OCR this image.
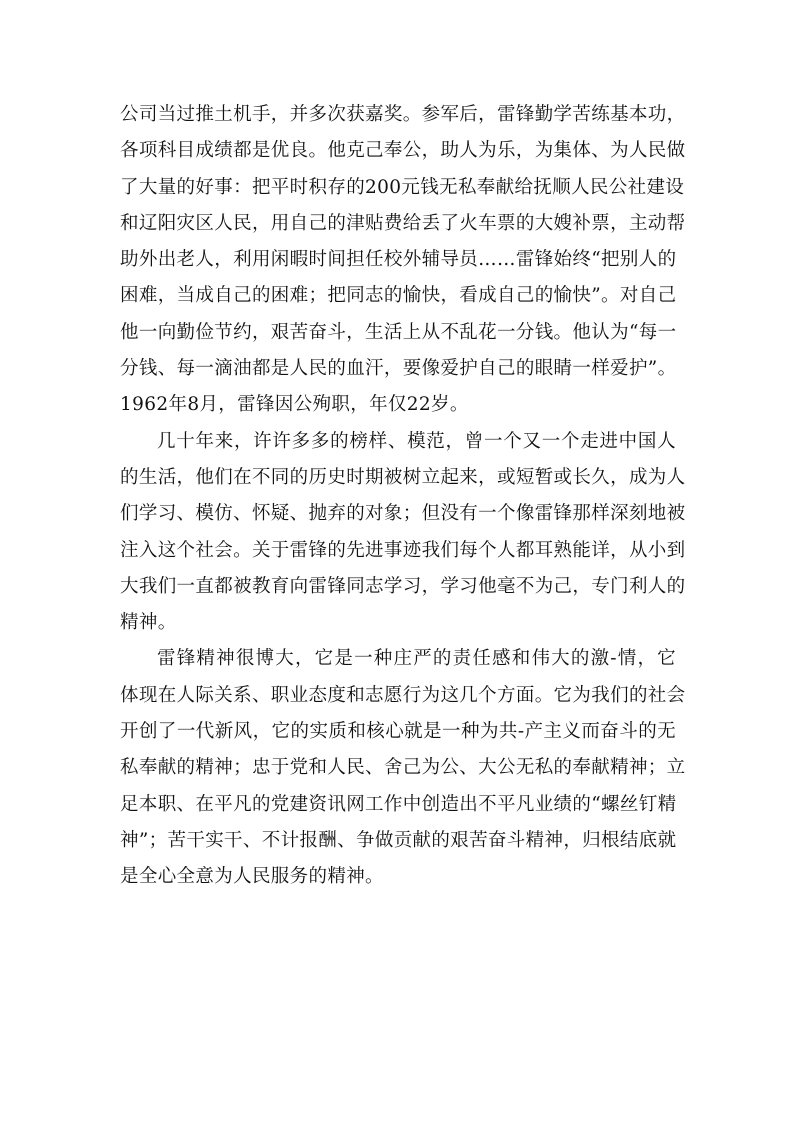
公司当过推土机手，并多次获嘉奖。参军后，雷锋勤学苦练基本功，
各项科目成绩都是优良。他克己奉公，助人为乐，为集体、为人民做
了大量的好事：把平时积存的200元钱无私奉献给抚顺人民公社建设
和辽阳灾区人民，用自己的津贴费给丢了火车票的大嫂补票，主动帮
助外出老人，利用闲暇时间担任校外辅导员……雷锋始终“把别人的
困难，当成自己的困难；把同志的愉快，看成自己的愉快”。对自己
他一向勤俭节约，艰苦奋斗，生活上从不乱花一分钱。他认为“每一
分钱、每一滴油都是人民的血汗，要像爱护自己的眼睛一样爱护”。
1962年8月，雷锋因公殉职，年仅22岁。
几十年来，许许多多的榜样、模范，曾一个又一个走进中国人
的生活，他们在不同的历史时期被树立起来，或短暂或长久，成为人
们学习、模仿、怀疑、抛弃的对象；但没有一个像雷锋那样深刻地被
注入这个社会。关于雷锋的先进事迹我们每个人都耳熟能详，从小到
大我们一直都被教育向雷锋同志学习，学习他毫不为己，专门利人的
精神。
雷锋精神很博大，它是一种庄严的责任感和伟大的激-情，它
体现在人际关系、职业态度和志愿行为这几个方面。它为我们的社会
开创了一代新风，它的实质和核心就是一种为共-产主义而奋斗的无
私奉献的精神；忠于党和人民、舍己为公、大公无私的奉献精神；立
足本职、在平凡的党建资讯网工作中创造出不平凡业绩的“螺丝钉精
神”；苦干实干、不计报酬、争做贡献的艰苦奋斗精神，归根结底就
是全心全意为人民服务的精神。
